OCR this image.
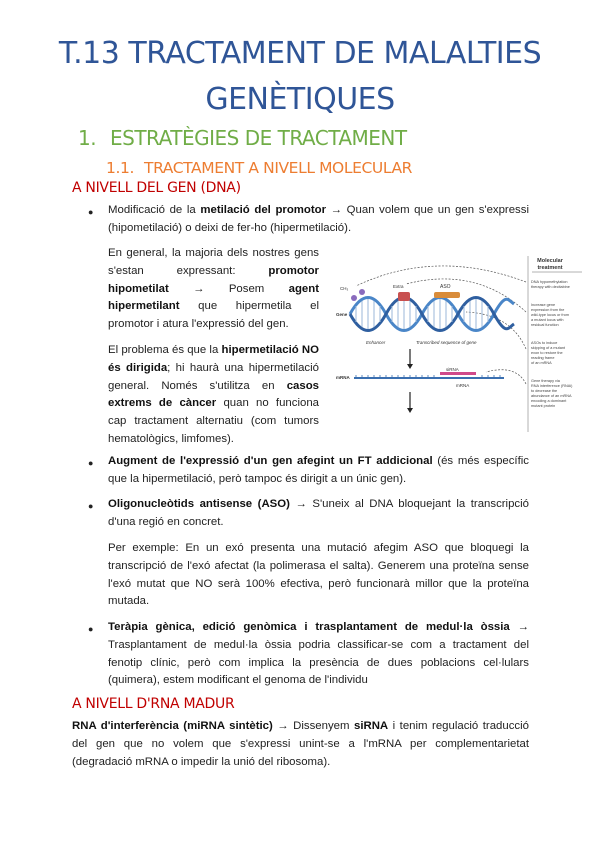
T.13 TRACTAMENT DE MALALTIES
GENÈTIQUES
1. ESTRATÈGIES DE TRACTAMENT
1.1. TRACTAMENT A NIVELL MOLECULAR
A NIVELL DEL GEN (DNA)
● Modificació de la metilació del promotor → Quan volem que un gen s'expressi (hipometilació) o deixi de fer-ho (hipermetilació).
En general, la majoria dels nostres gens s'estan expressant: promotor hipometilat → Posem agent hipermetilant que hipermetila el promotor i atura l'expressió del gen.
El problema és que la hipermetilació NO és dirigida; hi haurà una hipermetilació general. Només s'utilitza en casos extrems de càncer quan no funciona cap tractament alternatiu (com tumors hematològics, limfomes).
Molecular
treatment
DNA hypomethylation
therapy with decitabine
Increase gene
expression from the
wild-type locus or from
a mutant locus with
residual function
ASOs to induce
skipping of a mutant
exon to restore the
reading frame
of an mRNA
Gene therapy via
RNA interference (RNAi)
to decrease the
abundance of an mRNA
encoding a dominant
mutant protein
CH₃	Extra	ASO
Gene
Enhancer	Transcribed sequence of gene
siRNA
mRNA
mRNA
● Augment de l'expressió d'un gen afegint un FT addicional (és més específic que la hipermetilació, però tampoc és dirigit a un únic gen).
● Oligonucleòtids antisense (ASO) → S'uneix al DNA bloquejant la transcripció d'una regió en concret.
Per exemple: En un exó presenta una mutació afegim ASO que bloquegi la transcripció de l'exó afectat (la polimerasa el salta). Generem una proteïna sense l'exó mutat que NO serà 100% efectiva, però funcionarà millor que la proteïna mutada.
● Teràpia gènica, edició genòmica i trasplantament de medul·la òssia → Trasplantament de medul·la òssia podria classificar-se com a tractament del fenotip clínic, però com implica la presència de dues poblacions cel·lulars (quimera), estem modificant el genoma de l'individu
A NIVELL D'RNA MADUR
RNA d'interferència (miRNA sintètic) → Dissenyem siRNA i tenim regulació traducció del gen que no volem que s'expressi unint-se a l'mRNA per complementarietat (degradació mRNA o impedir la unió del ribosoma).
